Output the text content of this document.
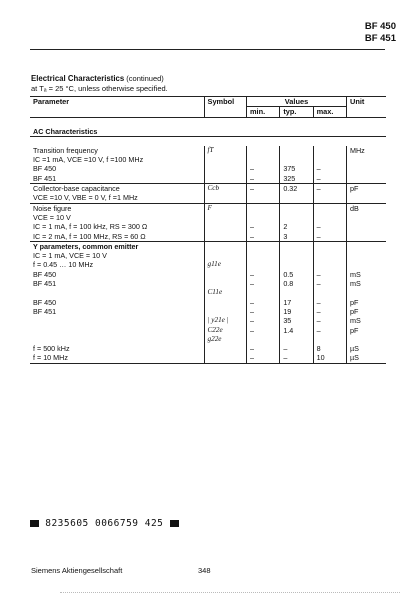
BF 450
BF 451
Electrical Characteristics (continued)
at Tₐ = 25 °C, unless otherwise specified.
Parameter	Symbol	Values			Unit
		min.	typ.	max.	

AC Characteristics					

Transition frequency	fT				MHz
IC =1 mA, VCE =10 V, f =100 MHz					
BF 450		–	375	–	
BF 451		–	325	–	
Collector-base capacitance	Ccb	–	0.32	–	pF
VCE =10 V, VBE = 0 V, f =1 MHz					
Noise figure	F				dB
VCE = 10 V					
IC = 1 mA, f = 100 kHz, RS = 300 Ω		–	2	–	
IC = 2 mA, f = 100 MHz, RS = 60 Ω		–	3	–	
Y parameters, common emitter					
IC = 1 mA, VCE = 10 V					
f = 0.45 … 10 MHz	g11e				
BF 450		–	0.5	–	mS
BF 451		–	0.8	–	mS
	C11e				
BF 450		–	17	–	pF
BF 451		–	19	–	pF
	| y21e |	–	35	–	mS
	C22e	–	1.4	–	pF
	g22e				
f = 500 kHz		–	–	8	µS
f = 10 MHz		–	–	10	µS

8235605 0066759 425
Siemens Aktiengesellschaft	348
